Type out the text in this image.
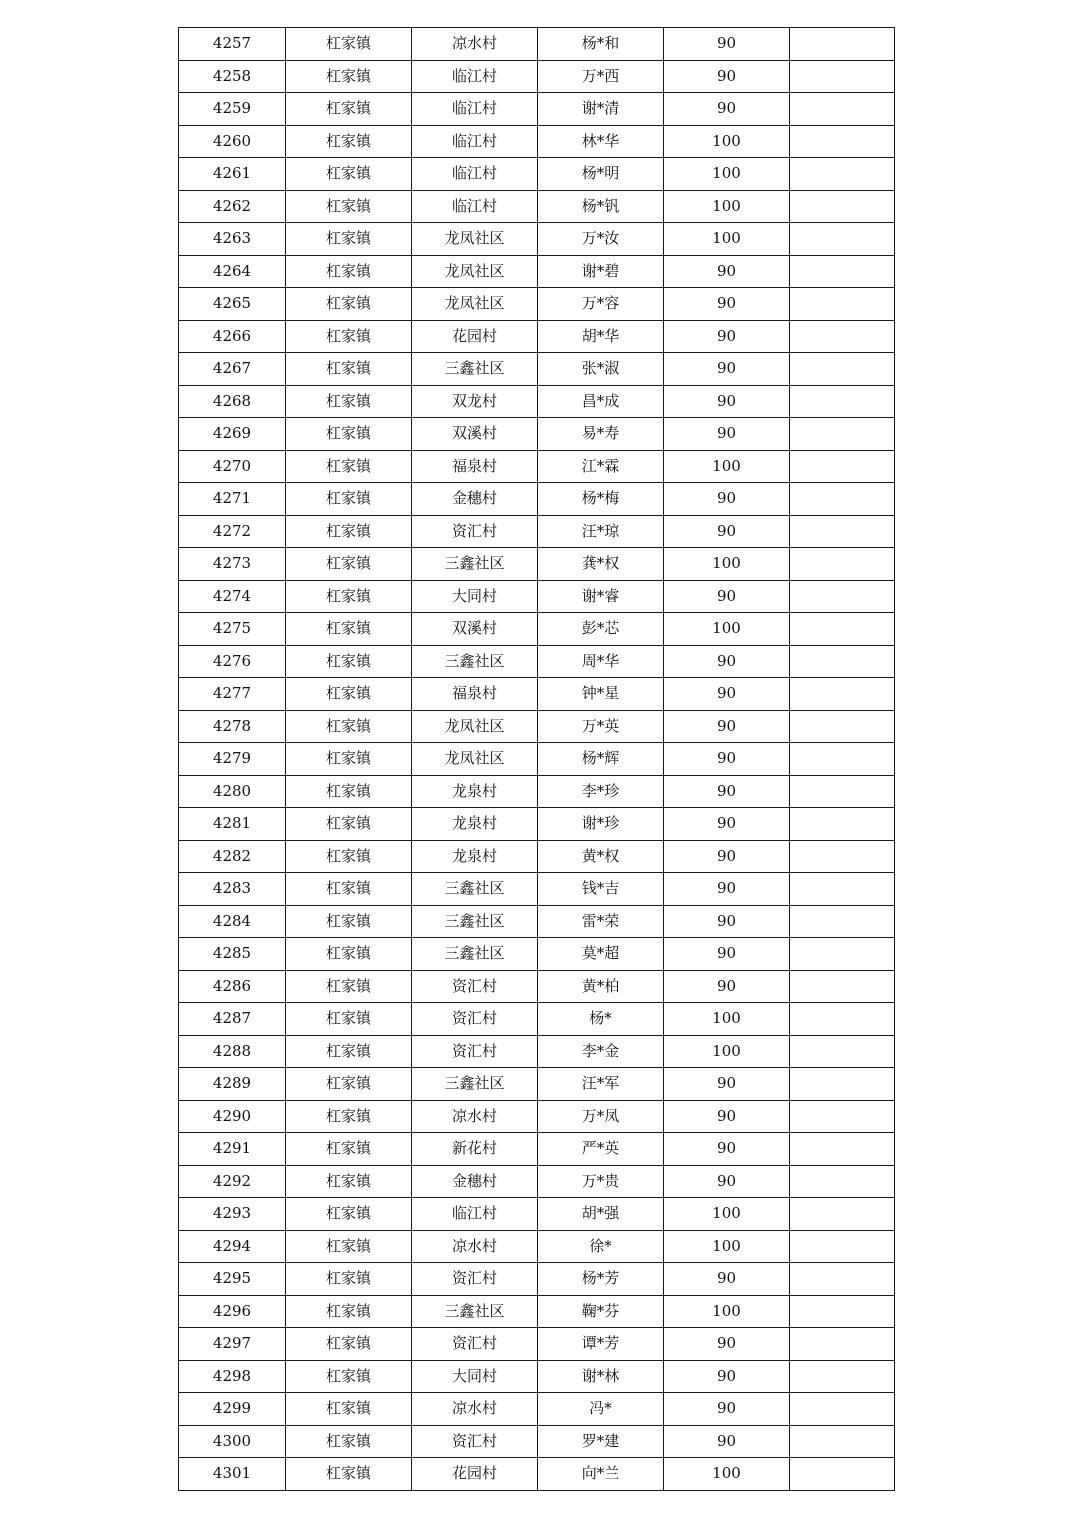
4257	杠家镇	凉水村	杨*和	90	
4258	杠家镇	临江村	万*西	90	
4259	杠家镇	临江村	谢*清	90	
4260	杠家镇	临江村	林*华	100	
4261	杠家镇	临江村	杨*明	100	
4262	杠家镇	临江村	杨*钒	100	
4263	杠家镇	龙凤社区	万*汝	100	
4264	杠家镇	龙凤社区	谢*碧	90	
4265	杠家镇	龙凤社区	万*容	90	
4266	杠家镇	花园村	胡*华	90	
4267	杠家镇	三鑫社区	张*淑	90	
4268	杠家镇	双龙村	昌*成	90	
4269	杠家镇	双溪村	易*寿	90	
4270	杠家镇	福泉村	江*霖	100	
4271	杠家镇	金穗村	杨*梅	90	
4272	杠家镇	资汇村	汪*琼	90	
4273	杠家镇	三鑫社区	龚*权	100	
4274	杠家镇	大同村	谢*睿	90	
4275	杠家镇	双溪村	彭*芯	100	
4276	杠家镇	三鑫社区	周*华	90	
4277	杠家镇	福泉村	钟*星	90	
4278	杠家镇	龙凤社区	万*英	90	
4279	杠家镇	龙凤社区	杨*辉	90	
4280	杠家镇	龙泉村	李*珍	90	
4281	杠家镇	龙泉村	谢*珍	90	
4282	杠家镇	龙泉村	黄*权	90	
4283	杠家镇	三鑫社区	钱*吉	90	
4284	杠家镇	三鑫社区	雷*荣	90	
4285	杠家镇	三鑫社区	莫*超	90	
4286	杠家镇	资汇村	黄*柏	90	
4287	杠家镇	资汇村	杨*	100	
4288	杠家镇	资汇村	李*金	100	
4289	杠家镇	三鑫社区	汪*军	90	
4290	杠家镇	凉水村	万*凤	90	
4291	杠家镇	新花村	严*英	90	
4292	杠家镇	金穗村	万*贵	90	
4293	杠家镇	临江村	胡*强	100	
4294	杠家镇	凉水村	徐*	100	
4295	杠家镇	资汇村	杨*芳	90	
4296	杠家镇	三鑫社区	鞠*芬	100	
4297	杠家镇	资汇村	谭*芳	90	
4298	杠家镇	大同村	谢*林	90	
4299	杠家镇	凉水村	冯*	90	
4300	杠家镇	资汇村	罗*建	90	
4301	杠家镇	花园村	向*兰	100	
